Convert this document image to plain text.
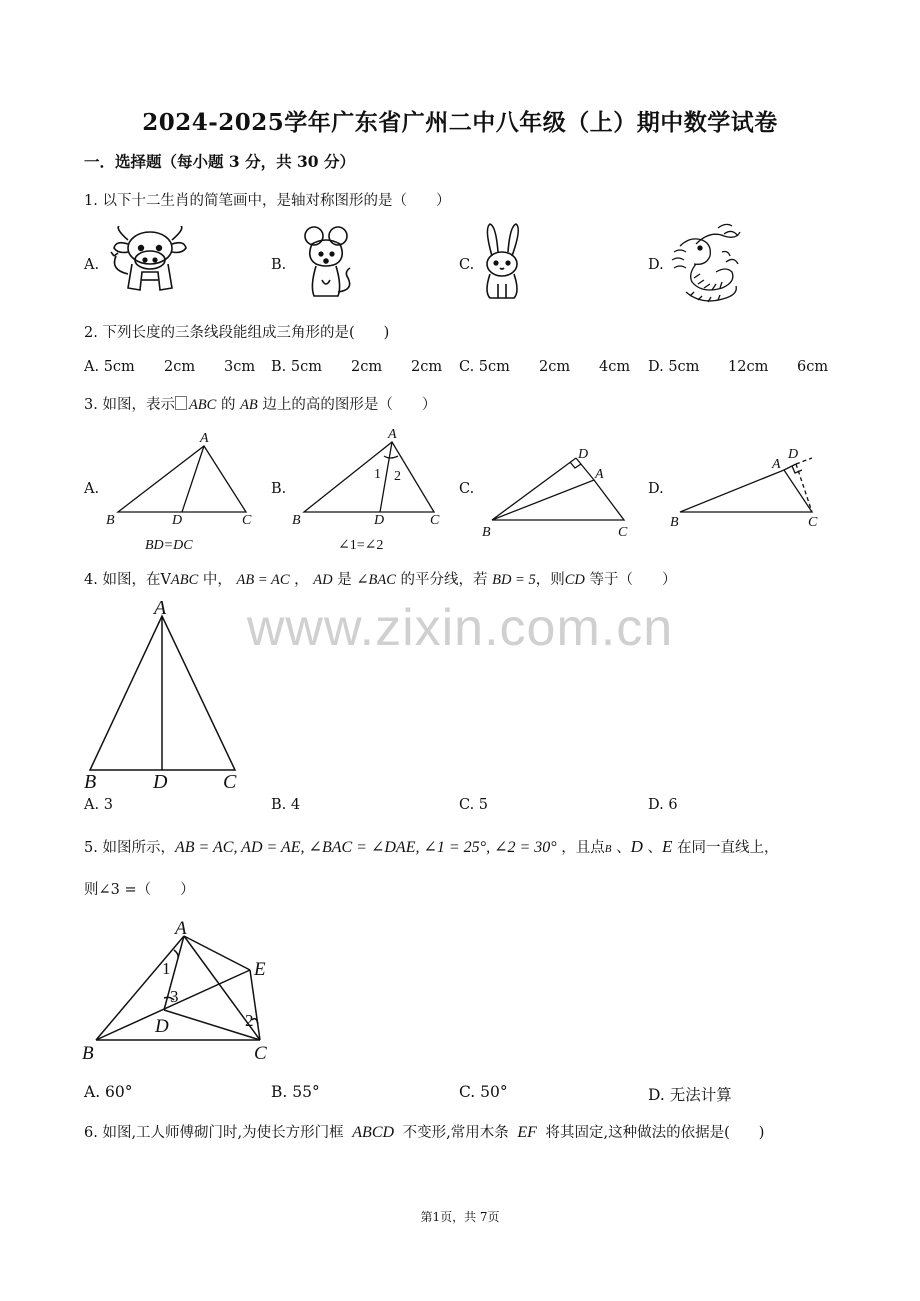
2024-2025学年广东省广州二中八年级（上）期中数学试卷
一．选择题（每小题 3 分，共 30 分）
www.zixin.com.cn
1. 以下十二生肖的简笔画中，是轴对称图形的是（　　）
A.	B.	C.	D.
2. 下列长度的三条线段能组成三角形的是(　　)
A. 5cm 2cm 3cm B. 5cm 2cm 2cm C. 5cm 2cm 4cm D. 5cm 12cm 6cm
3. 如图，表示 ABC 的 AB 边上的高的图形是（　　）
A.
A
B	D	C
BD=DC
B.
A
B	D	C
1 2
∠1=∠2
C.
D
A
B	C
D.
D
A
B	C
4. 如图，在VABC 中， AB = AC ， AD 是 ∠BAC 的平分线，若 BD = 5，则CD 等于（　　）
A
B	D	C
A. 3	B. 4	C. 5	D. 6
5. 如图所示，AB = AC, AD = AE, ∠BAC = ∠DAE, ∠1 = 25°, ∠2 = 30° ，且点B 、D 、E 在同一直线上，
则∠3 =（　　）
A
E
D
B	C
1
3
2
A. 60°	B. 55°	C. 50°	D. 无法计算
6. 如图,工人师傅砌门时,为使长方形门框 ABCD 不变形,常用木条 EF 将其固定,这种做法的依据是(　　)
第1页，共 7页
